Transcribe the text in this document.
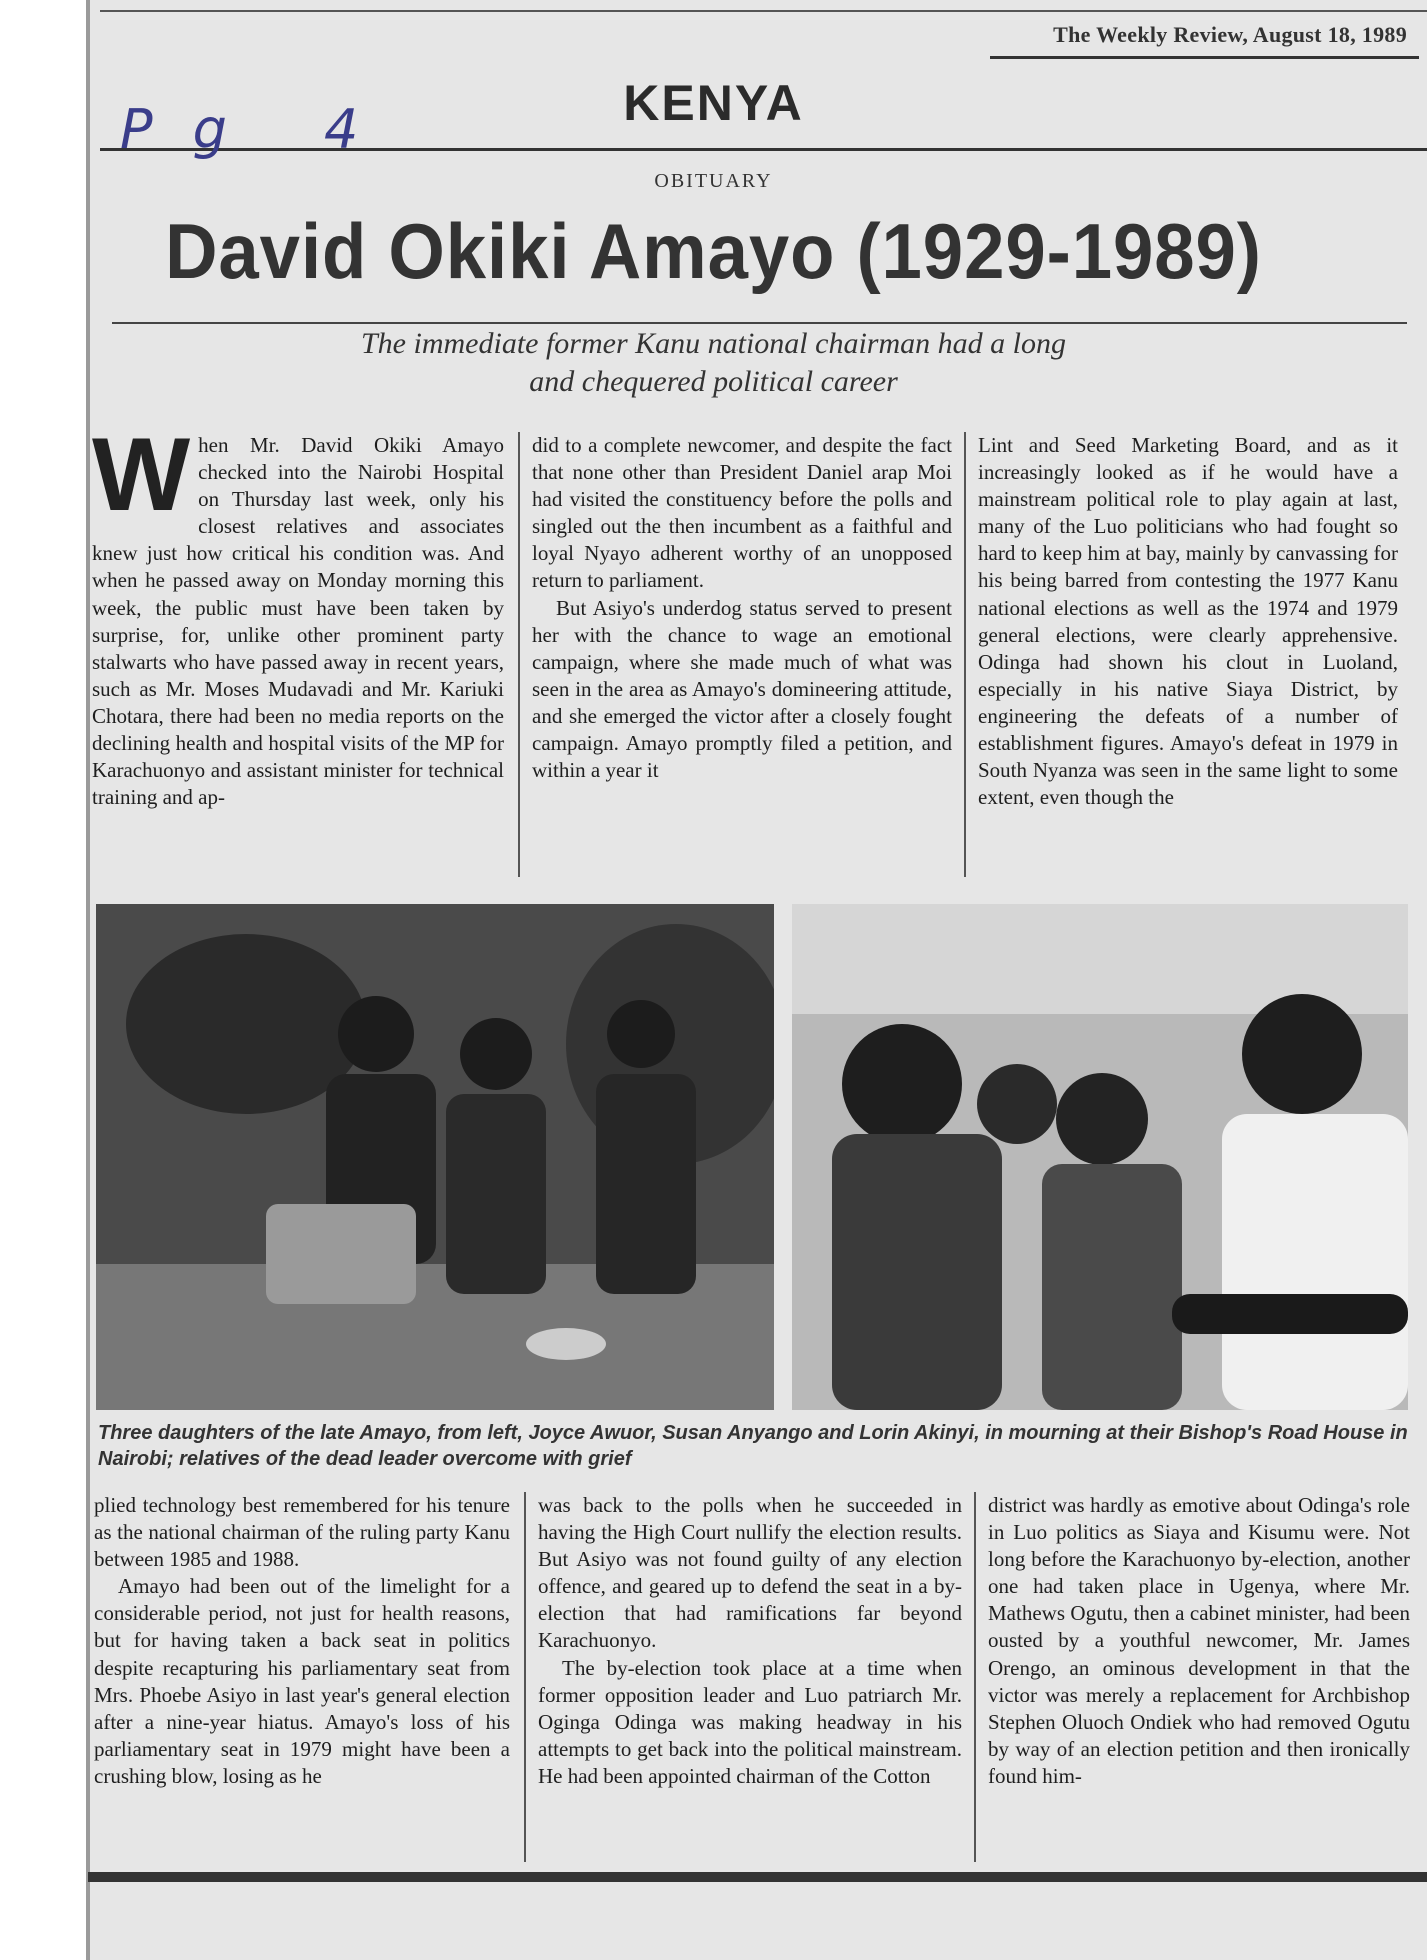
The Weekly Review, August 18, 1989
KENYA
Pg 4
OBITUARY
David Okiki Amayo (1929-1989)
The immediate former Kanu national chairman had a long
and chequered political career

When Mr. David Okiki Amayo checked into the Nairobi Hospital on Thursday last week, only his closest relatives and associates knew just how critical his condition was. And when he passed away on Monday morning this week, the public must have been taken by surprise, for, unlike other prominent party stalwarts who have passed away in recent years, such as Mr. Moses Mudavadi and Mr. Kariuki Chotara, there had been no media reports on the declining health and hospital visits of the MP for Karachuonyo and assistant minister for technical training and ap-

did to a complete newcomer, and despite the fact that none other than President Daniel arap Moi had visited the constituency before the polls and singled out the then incumbent as a faithful and loyal Nyayo adherent worthy of an unopposed return to parliament.

But Asiyo's underdog status served to present her with the chance to wage an emotional campaign, where she made much of what was seen in the area as Amayo's domineering attitude, and she emerged the victor after a closely fought campaign. Amayo promptly filed a petition, and within a year it

Lint and Seed Marketing Board, and as it increasingly looked as if he would have a mainstream political role to play again at last, many of the Luo politicians who had fought so hard to keep him at bay, mainly by canvassing for his being barred from contesting the 1977 Kanu national elections as well as the 1974 and 1979 general elections, were clearly apprehensive. Odinga had shown his clout in Luoland, especially in his native Siaya District, by engineering the defeats of a number of establishment figures. Amayo's defeat in 1979 in South Nyanza was seen in the same light to some extent, even though the

Three daughters of the late Amayo, from left, Joyce Awuor, Susan Anyango and Lorin Akinyi, in mourning at their Bishop's Road House in Nairobi; relatives of the dead leader overcome with grief

plied technology best remembered for his tenure as the national chairman of the ruling party Kanu between 1985 and 1988.

Amayo had been out of the limelight for a considerable period, not just for health reasons, but for having taken a back seat in politics despite recapturing his parliamentary seat from Mrs. Phoebe Asiyo in last year's general election after a nine-year hiatus. Amayo's loss of his parliamentary seat in 1979 might have been a crushing blow, losing as he

was back to the polls when he succeeded in having the High Court nullify the election results. But Asiyo was not found guilty of any election offence, and geared up to defend the seat in a by-election that had ramifications far beyond Karachuonyo.

The by-election took place at a time when former opposition leader and Luo patriarch Mr. Oginga Odinga was making headway in his attempts to get back into the political mainstream. He had been appointed chairman of the Cotton

district was hardly as emotive about Odinga's role in Luo politics as Siaya and Kisumu were. Not long before the Karachuonyo by-election, another one had taken place in Ugenya, where Mr. Mathews Ogutu, then a cabinet minister, had been ousted by a youthful newcomer, Mr. James Orengo, an ominous development in that the victor was merely a replacement for Archbishop Stephen Oluoch Ondiek who had removed Ogutu by way of an election petition and then ironically found him-
